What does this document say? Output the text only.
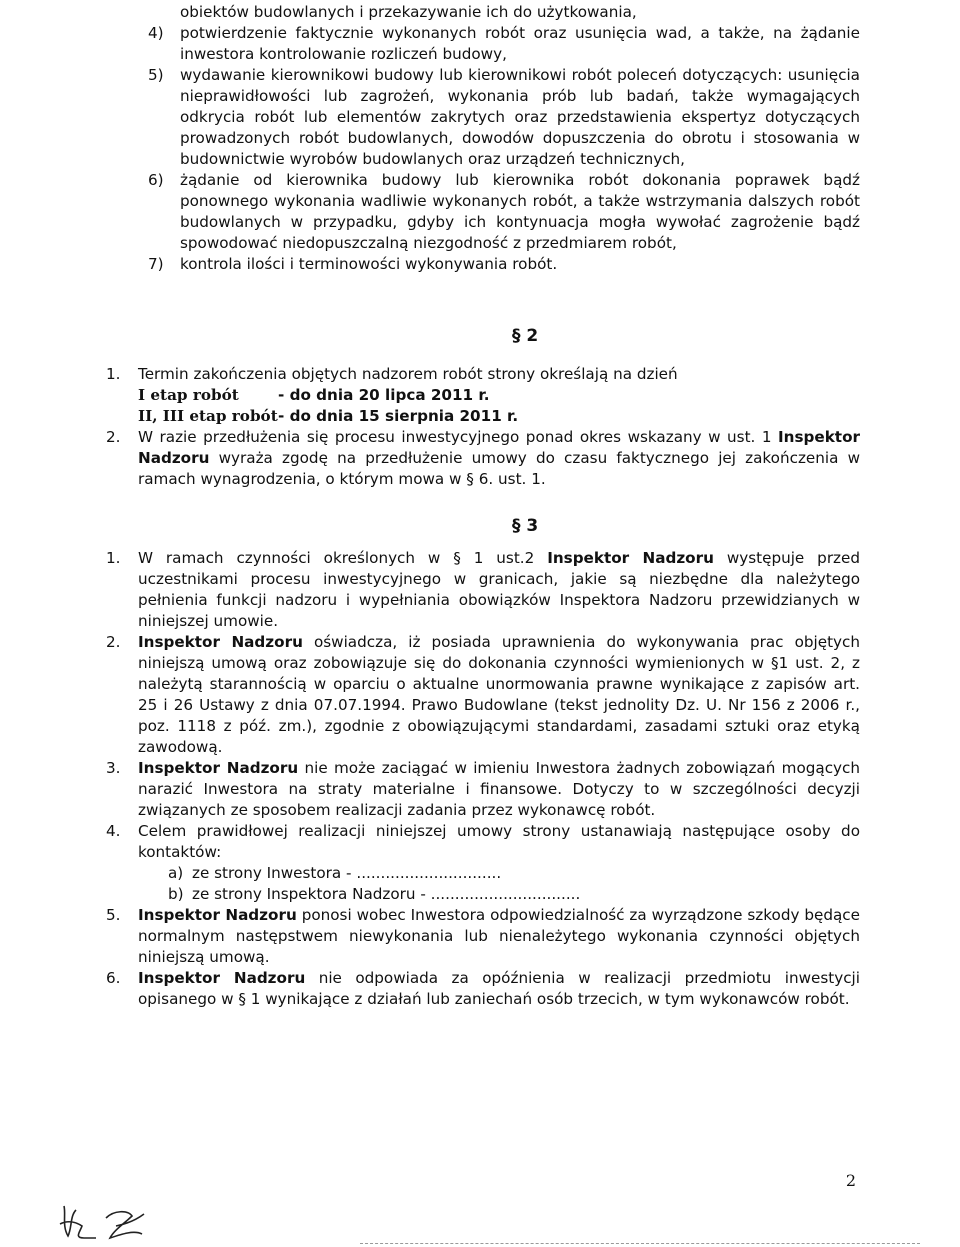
obiektów budowlanych i przekazywanie ich do użytkowania,
4)	potwierdzenie faktycznie wykonanych robót oraz usunięcia wad, a także, na żądanie inwestora kontrolowanie rozliczeń budowy,
5)	wydawanie kierownikowi budowy lub kierownikowi robót poleceń dotyczących: usunięcia nieprawidłowości lub zagrożeń, wykonania prób lub badań, także wymagających odkrycia robót lub elementów zakrytych oraz przedstawienia ekspertyz dotyczących prowadzonych robót budowlanych, dowodów dopuszczenia do obrotu i stosowania w budownictwie wyrobów budowlanych oraz urządzeń technicznych,
6)	żądanie od kierownika budowy lub kierownika robót dokonania poprawek bądź ponownego wykonania wadliwie wykonanych robót, a także wstrzymania dalszych robót budowlanych w przypadku, gdyby ich kontynuacja mogła wywołać zagrożenie bądź spowodować niedopuszczalną niezgodność z przedmiarem robót,
7)	kontrola ilości i terminowości wykonywania robót.
§ 2
1.	Termin zakończenia objętych nadzorem robót strony określają na dzień
I etap robót	- do dnia 20 lipca 2011 r.
II, III etap robót- do dnia 15 sierpnia 2011 r.
2.	W razie przedłużenia się procesu inwestycyjnego ponad okres wskazany w ust. 1 Inspektor Nadzoru wyraża zgodę na przedłużenie umowy do czasu faktycznego jej zakończenia w ramach wynagrodzenia, o którym mowa w § 6. ust. 1.
§ 3
1.	W ramach czynności określonych w § 1 ust.2 Inspektor Nadzoru występuje przed uczestnikami procesu inwestycyjnego w granicach, jakie są niezbędne dla należytego pełnienia funkcji nadzoru i wypełniania obowiązków Inspektora Nadzoru przewidzianych w niniejszej umowie.
2.	Inspektor Nadzoru oświadcza, iż posiada uprawnienia do wykonywania prac objętych niniejszą umową oraz zobowiązuje się do dokonania czynności wymienionych w §1 ust. 2, z należytą starannością w oparciu o aktualne unormowania prawne wynikające z zapisów art. 25 i 26 Ustawy z dnia 07.07.1994. Prawo Budowlane (tekst jednolity Dz. U. Nr 156 z 2006 r., poz. 1118 z póź. zm.), zgodnie z obowiązującymi standardami, zasadami sztuki oraz etyką zawodową.
3.	Inspektor Nadzoru nie może zaciągać w imieniu Inwestora żadnych zobowiązań mogących narazić Inwestora na straty materialne i finansowe. Dotyczy to w szczególności decyzji związanych ze sposobem realizacji zadania przez wykonawcę robót.
4.	Celem prawidłowej realizacji niniejszej umowy strony ustanawiają następujące osoby do kontaktów:
a) ze strony Inwestora - ..............................
b) ze strony Inspektora Nadzoru - ...............................
5.	Inspektor Nadzoru ponosi wobec Inwestora odpowiedzialność za wyrządzone szkody będące normalnym następstwem niewykonania lub nienależytego wykonania czynności objętych niniejszą umową.
6.	Inspektor Nadzoru nie odpowiada za opóźnienia w realizacji przedmiotu inwestycji opisanego w § 1 wynikające z działań lub zaniechań osób trzecich, w tym wykonawców robót.
2
